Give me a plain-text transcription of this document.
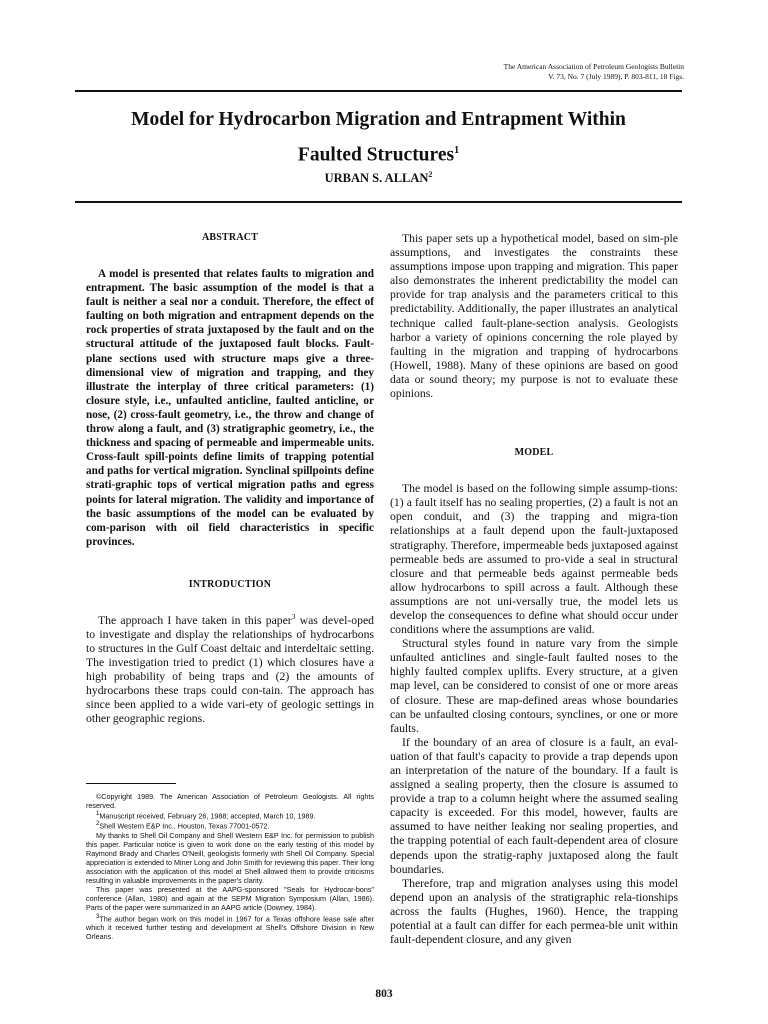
The American Association of Petroleum Geologists Bulletin
V. 73, No. 7 (July 1989), P. 803-811, 18 Figs.
Model for Hydrocarbon Migration and Entrapment Within
Faulted Structures$^1$
URBAN S. ALLAN$^2$
ABSTRACT

A model is presented that relates faults to migration and entrapment. The basic assumption of the model is that a fault is neither a seal nor a conduit. Therefore, the effect of faulting on both migration and entrapment depends on the rock properties of strata juxtaposed by the fault and on the structural attitude of the juxtaposed fault blocks. Fault-plane sections used with structure maps give a three-dimensional view of migration and trapping, and they illustrate the interplay of three critical parameters: (1) closure style, i.e., unfaulted anticline, faulted anticline, or nose, (2) cross-fault geometry, i.e., the throw and change of throw along a fault, and (3) stratigraphic geometry, i.e., the thickness and spacing of permeable and impermeable units. Cross-fault spill-points define limits of trapping potential and paths for vertical migration. Synclinal spillpoints define strati-graphic tops of vertical migration paths and egress points for lateral migration. The validity and importance of the basic assumptions of the model can be evaluated by com-parison with oil field characteristics in specific provinces.

INTRODUCTION

The approach I have taken in this paper$^3$ was devel-oped to investigate and display the relationships of hydrocarbons to structures in the Gulf Coast deltaic and interdeltaic setting. The investigation tried to predict (1) which closures have a high probability of being traps and (2) the amounts of hydrocarbons these traps could con-tain. The approach has since been applied to a wide vari-ety of geologic settings in other geographic regions.

©Copyright 1989. The American Association of Petroleum Geologists. All rights reserved.

$^1$Manuscript received, February 26, 1988; accepted, March 10, 1989.

$^2$Shell Western E&P Inc., Houston, Texas 77001-0572.

My thanks to Shell Oil Company and Shell Western E&P Inc. for permission to publish this paper. Particular notice is given to work done on the early testing of this model by Raymond Brady and Charles O'Neill, geologists formerly with Shell Oil Company. Special appreciation is extended to Miner Long and John Smith for reviewing this paper. Their long association with the application of this model at Shell allowed them to provide criticisms resulting in valuable improvements in the paper's clarity.

This paper was presented at the AAPG-sponsored "Seals for Hydrocar-bons" conference (Allan, 1980) and again at the SEPM Migration Symposium (Allan, 1986). Parts of the paper were summarized in an AAPG article (Downey, 1984).

$^3$The author began work on this model in 1967 for a Texas offshore lease sale after which it received further testing and development at Shell's Offshore Division in New Orleans.

This paper sets up a hypothetical model, based on sim-ple assumptions, and investigates the constraints these assumptions impose upon trapping and migration. This paper also demonstrates the inherent predictability the model can provide for trap analysis and the parameters critical to this predictability. Additionally, the paper illustrates an analytical technique called fault-plane-section analysis. Geologists harbor a variety of opinions concerning the role played by faulting in the migration and trapping of hydrocarbons (Howell, 1988). Many of these opinions are based on good data or sound theory; my purpose is not to evaluate these opinions.

MODEL

The model is based on the following simple assump-tions: (1) a fault itself has no sealing properties, (2) a fault is not an open conduit, and (3) the trapping and migra-tion relationships at a fault depend upon the fault-juxtaposed stratigraphy. Therefore, impermeable beds juxtaposed against permeable beds are assumed to pro-vide a seal in structural closure and that permeable beds against permeable beds allow hydrocarbons to spill across a fault. Although these assumptions are not uni-versally true, the model lets us develop the consequences to define what should occur under conditions where the assumptions are valid.

Structural styles found in nature vary from the simple unfaulted anticlines and single-fault faulted noses to the highly faulted complex uplifts. Every structure, at a given map level, can be considered to consist of one or more areas of closure. These are map-defined areas whose boundaries can be unfaulted closing contours, synclines, or one or more faults.

If the boundary of an area of closure is a fault, an eval-uation of that fault's capacity to provide a trap depends upon an interpretation of the nature of the boundary. If a fault is assigned a sealing property, then the closure is assumed to provide a trap to a column height where the assumed sealing capacity is exceeded. For this model, however, faults are assumed to have neither leaking nor sealing properties, and the trapping potential of each fault-dependent area of closure depends upon the stratig-raphy juxtaposed along the fault boundaries.

Therefore, trap and migration analyses using this model depend upon an analysis of the stratigraphic rela-tionships across the faults (Hughes, 1960). Hence, the trapping potential at a fault can differ for each permea-ble unit within fault-dependent closure, and any given

803
